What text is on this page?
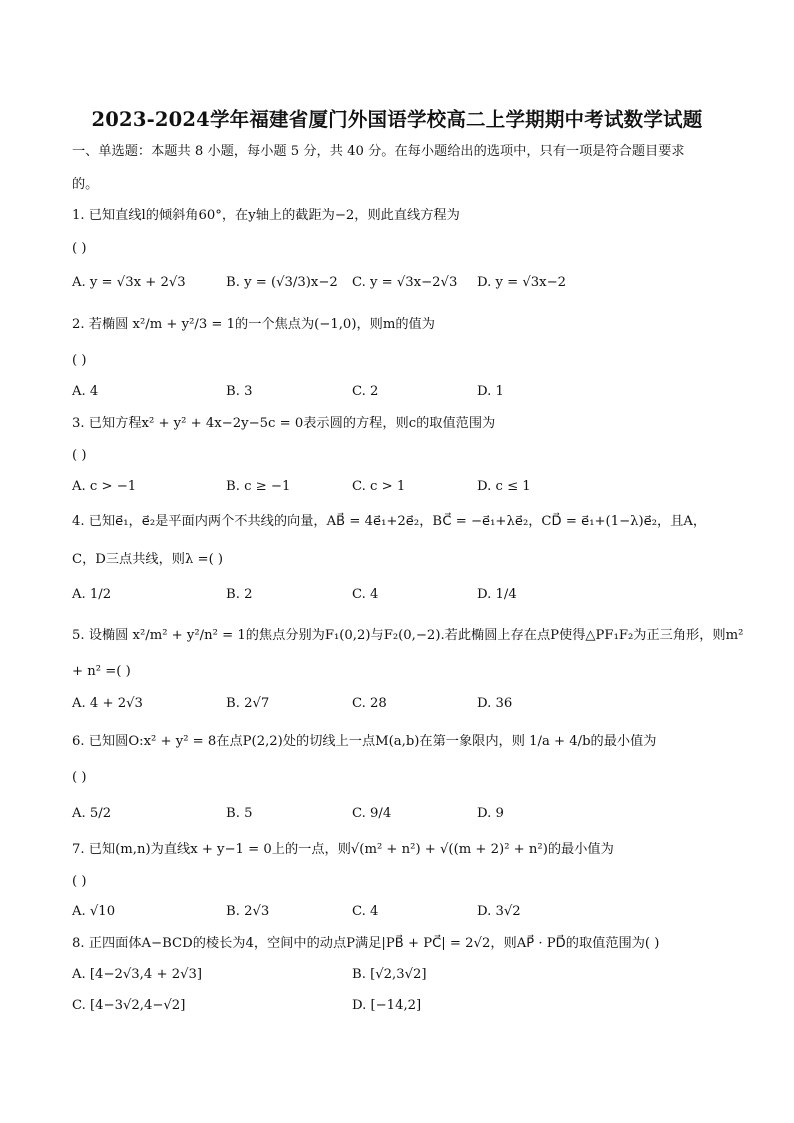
2023-2024学年福建省厦门外国语学校高二上学期期中考试数学试题
一、单选题：本题共 8 小题，每小题 5 分，共 40 分。在每小题给出的选项中，只有一项是符合题目要求
的。
1. 已知直线l的倾斜角60°，在y轴上的截距为−2，则此直线方程为
( )
A. y = √3x + 2√3	B. y = (√3/3)x−2 C. y = √3x−2√3 D. y = √3x−2
2. 若椭圆 x²/m + y²/3 = 1的一个焦点为(−1,0)，则m的值为
( )
A. 4	B. 3	C. 2	D. 1
3. 已知方程x² + y² + 4x−2y−5c = 0表示圆的方程，则c的取值范围为
( )
A. c > −1	B. c ≥ −1	C. c > 1	D. c ≤ 1
4. 已知e⃗₁，e⃗₂是平面内两个不共线的向量，AB⃗ = 4e⃗₁+2e⃗₂，BC⃗ = −e⃗₁+λe⃗₂，CD⃗ = e⃗₁+(1−λ)e⃗₂，且A，
C，D三点共线，则λ =( )
A. 1/2	B. 2	C. 4	D. 1/4
5. 设椭圆 x²/m² + y²/n² = 1的焦点分别为F₁(0,2)与F₂(0,−2).若此椭圆上存在点P使得△PF₁F₂为正三角形，则m²
+ n² =( )
A. 4 + 2√3	B. 2√7	C. 28	D. 36
6. 已知圆O:x² + y² = 8在点P(2,2)处的切线上一点M(a,b)在第一象限内，则 1/a + 4/b的最小值为
( )
A. 5/2	B. 5	C. 9/4	D. 9
7. 已知(m,n)为直线x + y−1 = 0上的一点，则√(m² + n²) + √((m + 2)² + n²)的最小值为
( )
A. √10	B. 2√3	C. 4	D. 3√2
8. 正四面体A−BCD的棱长为4，空间中的动点P满足|PB⃗ + PC⃗| = 2√2，则AP⃗ · PD⃗的取值范围为( )
A. [4−2√3,4 + 2√3]	B. [√2,3√2]
C. [4−3√2,4−√2]	D. [−14,2]
